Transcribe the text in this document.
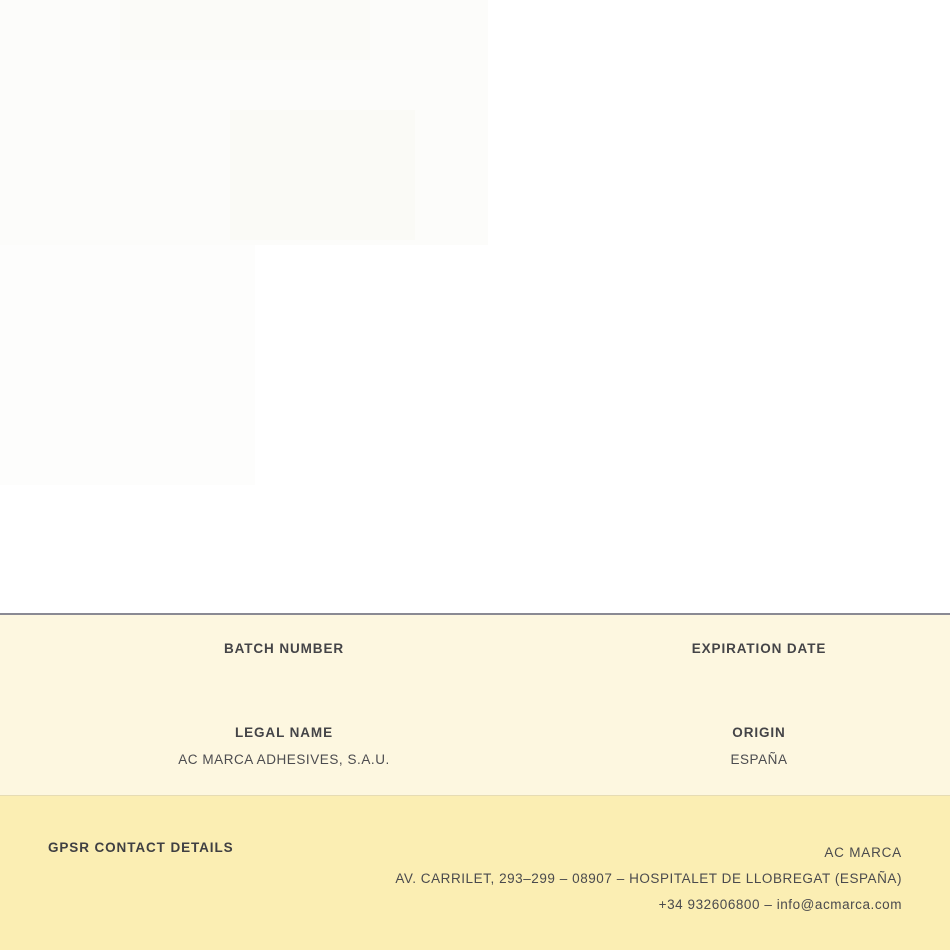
BATCH NUMBER	EXPIRATION DATE
LEGAL NAME
AC MARCA ADHESIVES, S.A.U.
ORIGIN
ESPAÑA
GPSR CONTACT DETAILS	AC MARCA
AV. CARRILET, 293–299 – 08907 – HOSPITALET DE LLOBREGAT (ESPAÑA)
+34 932606800 – info@acmarca.com
